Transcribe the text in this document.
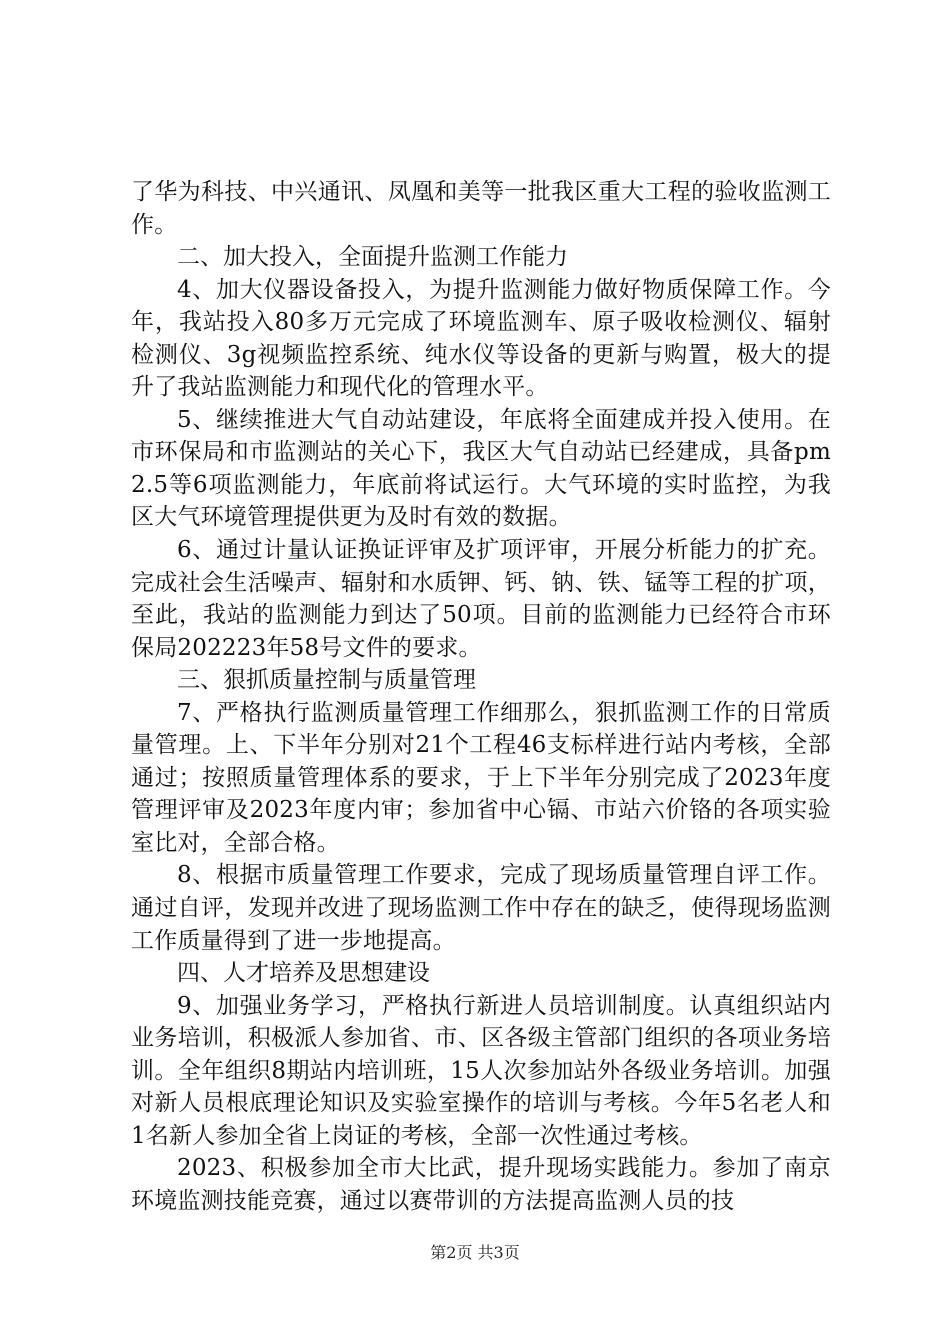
了华为科技、中兴通讯、凤凰和美等一批我区重大工程的验收监测工作。

二、加大投入，全面提升监测工作能力

4、加大仪器设备投入，为提升监测能力做好物质保障工作。今年，我站投入80多万元完成了环境监测车、原子吸收检测仪、辐射检测仪、3g视频监控系统、纯水仪等设备的更新与购置，极大的提升了我站监测能力和现代化的管理水平。

5、继续推进大气自动站建设，年底将全面建成并投入使用。在市环保局和市监测站的关心下，我区大气自动站已经建成，具备pm2.5等6项监测能力，年底前将试运行。大气环境的实时监控，为我区大气环境管理提供更为及时有效的数据。

6、通过计量认证换证评审及扩项评审，开展分析能力的扩充。完成社会生活噪声、辐射和水质钾、钙、钠、铁、锰等工程的扩项，至此，我站的监测能力到达了50项。目前的监测能力已经符合市环保局202223年58号文件的要求。

三、狠抓质量控制与质量管理

7、严格执行监测质量管理工作细那么，狠抓监测工作的日常质量管理。上、下半年分别对21个工程46支标样进行站内考核，全部通过；按照质量管理体系的要求，于上下半年分别完成了2023年度管理评审及2023年度内审；参加省中心镉、市站六价铬的各项实验室比对，全部合格。

8、根据市质量管理工作要求，完成了现场质量管理自评工作。通过自评，发现并改进了现场监测工作中存在的缺乏，使得现场监测工作质量得到了进一步地提高。

四、人才培养及思想建设

9、加强业务学习，严格执行新进人员培训制度。认真组织站内业务培训，积极派人参加省、市、区各级主管部门组织的各项业务培训。全年组织8期站内培训班，15人次参加站外各级业务培训。加强对新人员根底理论知识及实验室操作的培训与考核。今年5名老人和1名新人参加全省上岗证的考核，全部一次性通过考核。

2023、积极参加全市大比武，提升现场实践能力。参加了南京环境监测技能竞赛，通过以赛带训的方法提高监测人员的技

第2页 共3页
